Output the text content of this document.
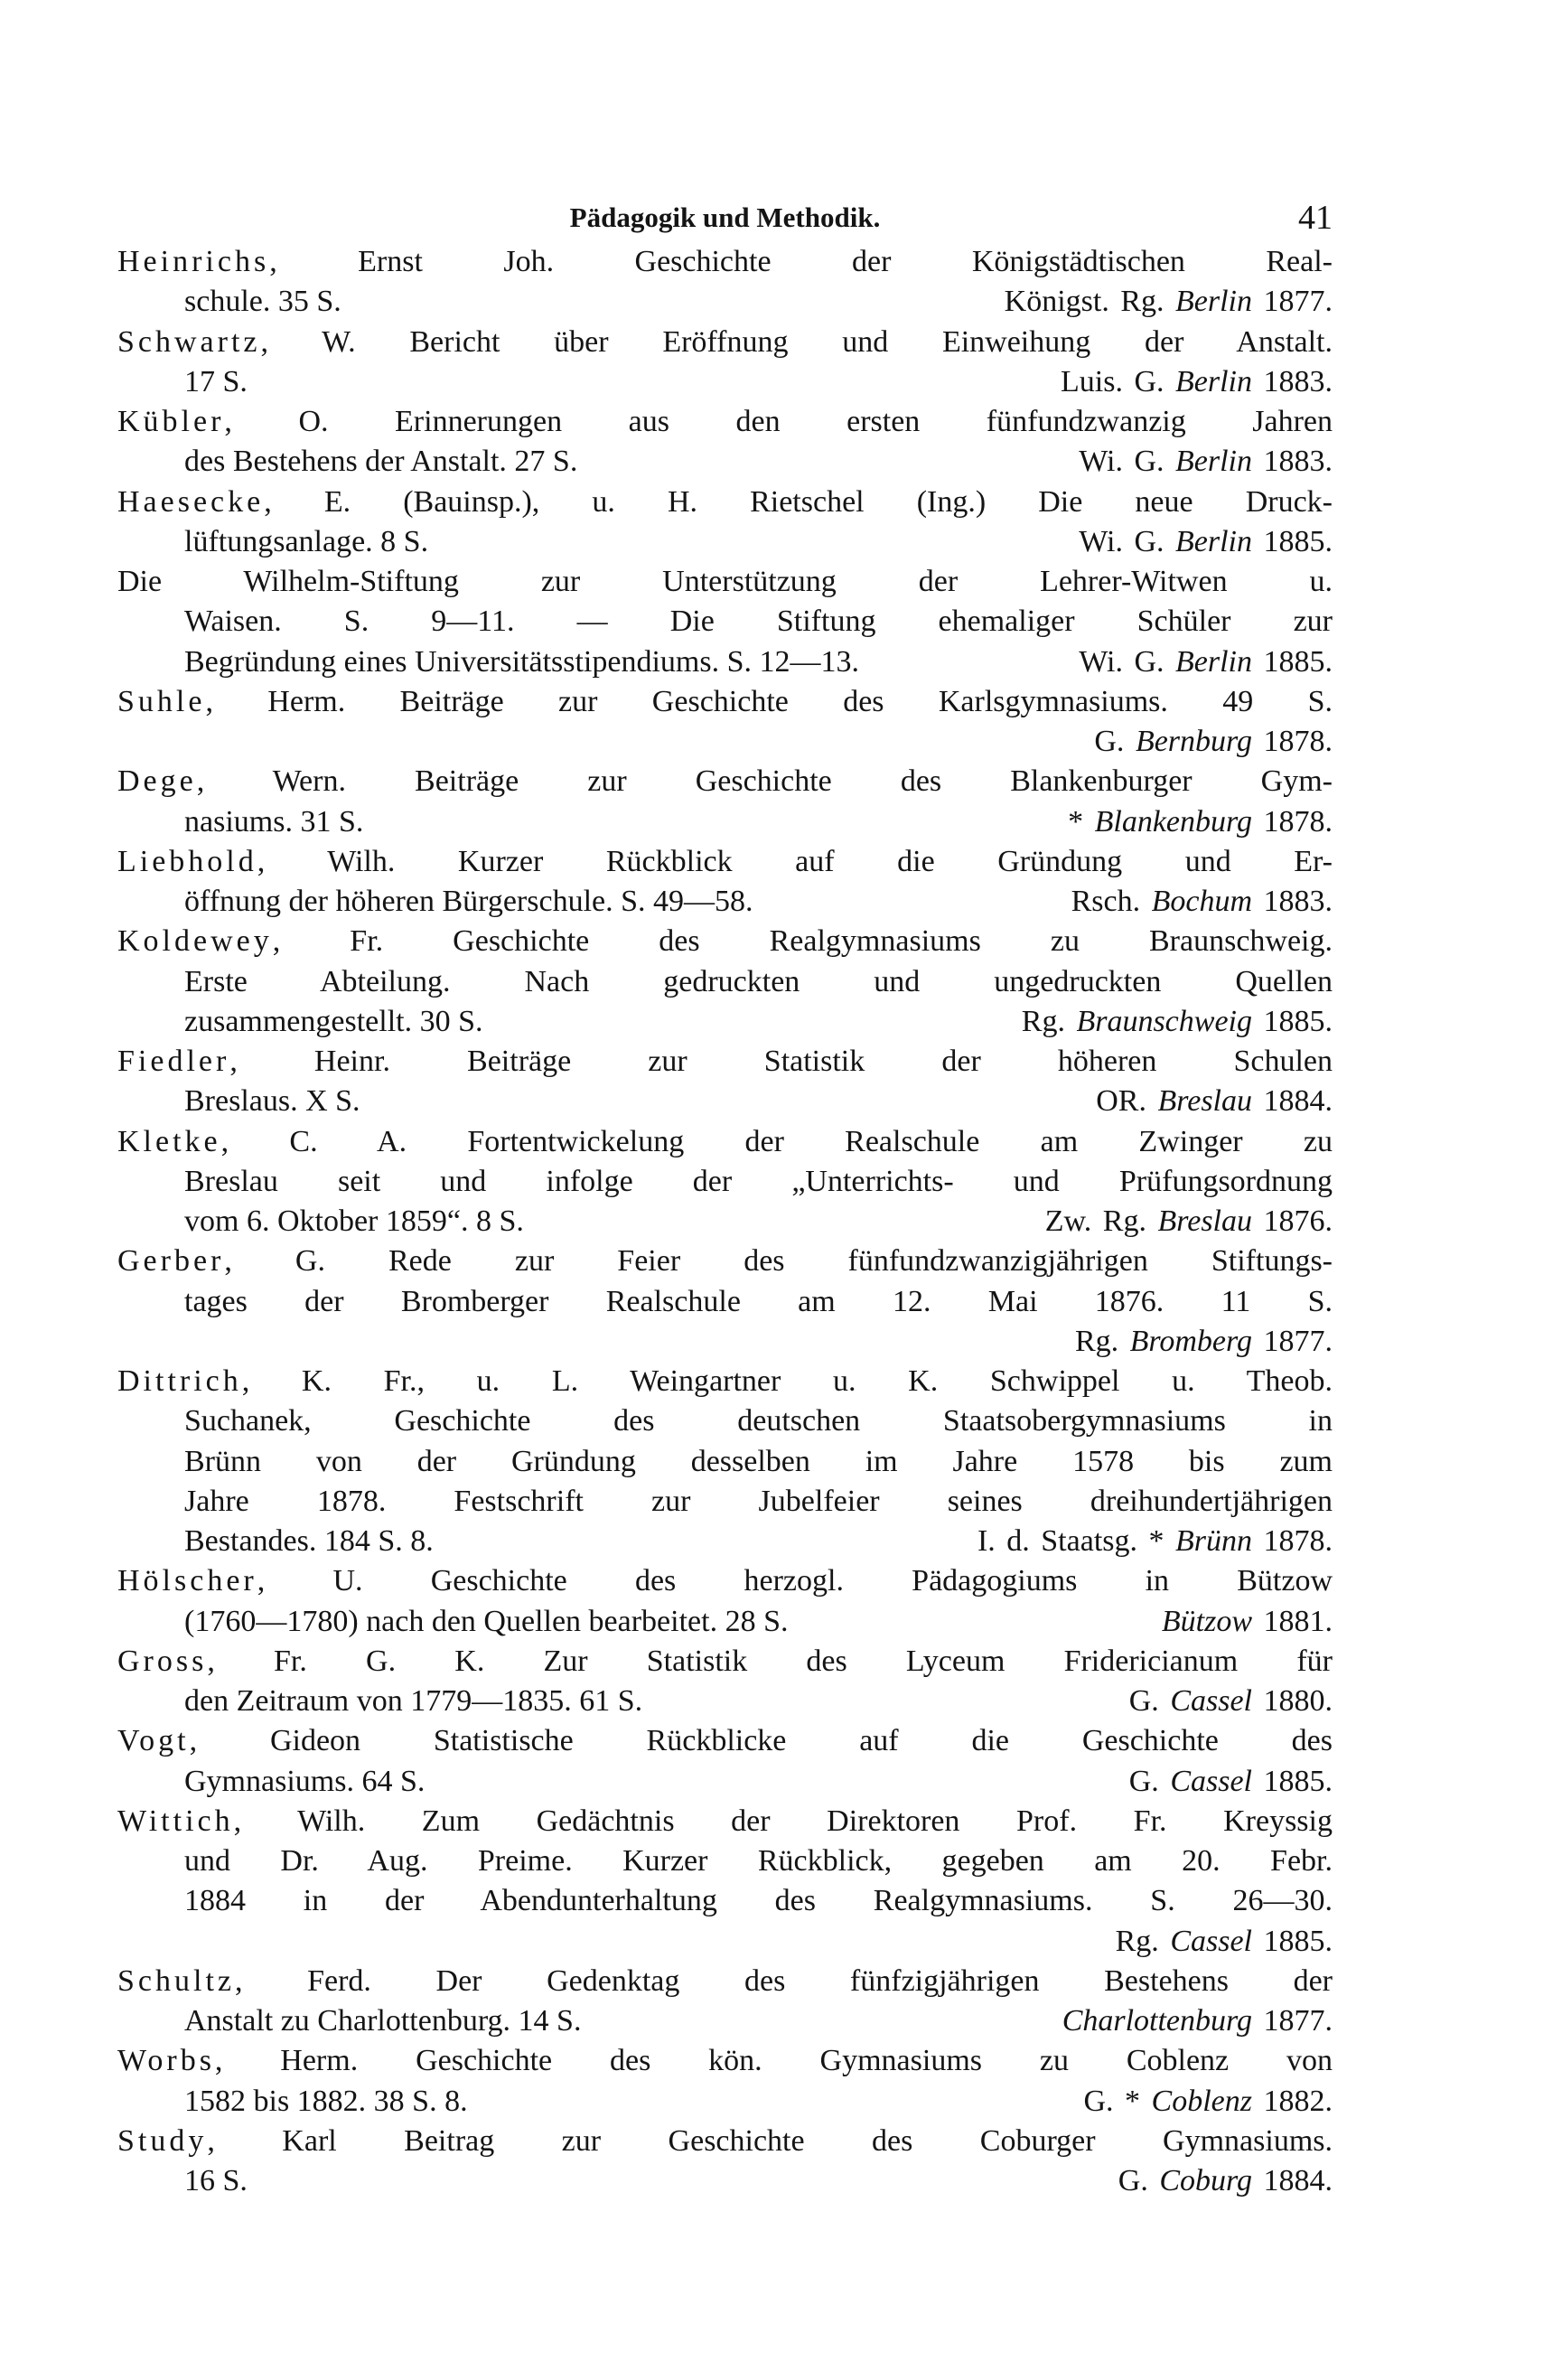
Pädagogik und Methodik.	41
Heinrichs, Ernst Joh. Geschichte der Königstädtischen Real-
schule. 35 S.	Königst. Rg. Berlin 1877.
Schwartz, W. Bericht über Eröffnung und Einweihung der Anstalt.
17 S.	Luis. G. Berlin 1883.
Kübler, O. Erinnerungen aus den ersten fünfundzwanzig Jahren
des Bestehens der Anstalt. 27 S.	Wi. G. Berlin 1883.
Haesecke, E. (Bauinsp.), u. H. Rietschel (Ing.) Die neue Druck-
lüftungsanlage. 8 S.	Wi. G. Berlin 1885.
Die Wilhelm-Stiftung zur Unterstützung der Lehrer-Witwen u.
Waisen. S. 9—11. — Die Stiftung ehemaliger Schüler zur
Begründung eines Universitätsstipendiums. S. 12—13.	Wi. G. Berlin 1885.
Suhle, Herm. Beiträge zur Geschichte des Karlsgymnasiums. 49 S.
G. Bernburg 1878.
Dege, Wern. Beiträge zur Geschichte des Blankenburger Gym-
nasiums. 31 S.	* Blankenburg 1878.
Liebhold, Wilh. Kurzer Rückblick auf die Gründung und Er-
öffnung der höheren Bürgerschule. S. 49—58.	Rsch. Bochum 1883.
Koldewey, Fr. Geschichte des Realgymnasiums zu Braunschweig.
Erste Abteilung. Nach gedruckten und ungedruckten Quellen
zusammengestellt. 30 S.	Rg. Braunschweig 1885.
Fiedler, Heinr. Beiträge zur Statistik der höheren Schulen
Breslaus. X S.	OR. Breslau 1884.
Kletke, C. A. Fortentwickelung der Realschule am Zwinger zu
Breslau seit und infolge der „Unterrichts- und Prüfungsordnung
vom 6. Oktober 1859“. 8 S.	Zw. Rg. Breslau 1876.
Gerber, G. Rede zur Feier des fünfundzwanzigjährigen Stiftungs-
tages der Bromberger Realschule am 12. Mai 1876. 11 S.
Rg. Bromberg 1877.
Dittrich, K. Fr., u. L. Weingartner u. K. Schwippel u. Theob.
Suchanek, Geschichte des deutschen Staatsobergymnasiums in
Brünn von der Gründung desselben im Jahre 1578 bis zum
Jahre 1878. Festschrift zur Jubelfeier seines dreihundertjährigen
Bestandes. 184 S. 8.	I. d. Staatsg. * Brünn 1878.
Hölscher, U. Geschichte des herzogl. Pädagogiums in Bützow
(1760—1780) nach den Quellen bearbeitet. 28 S.	Bützow 1881.
Gross, Fr. G. K. Zur Statistik des Lyceum Fridericianum für
den Zeitraum von 1779—1835. 61 S.	G. Cassel 1880.
Vogt, Gideon Statistische Rückblicke auf die Geschichte des
Gymnasiums. 64 S.	G. Cassel 1885.
Wittich, Wilh. Zum Gedächtnis der Direktoren Prof. Fr. Kreyssig
und Dr. Aug. Preime. Kurzer Rückblick, gegeben am 20. Febr.
1884 in der Abendunterhaltung des Realgymnasiums. S. 26—30.
Rg. Cassel 1885.
Schultz, Ferd. Der Gedenktag des fünfzigjährigen Bestehens der
Anstalt zu Charlottenburg. 14 S.	Charlottenburg 1877.
Worbs, Herm. Geschichte des kön. Gymnasiums zu Coblenz von
1582 bis 1882. 38 S. 8.	G. * Coblenz 1882.
Study, Karl Beitrag zur Geschichte des Coburger Gymnasiums.
16 S.	G. Coburg 1884.
